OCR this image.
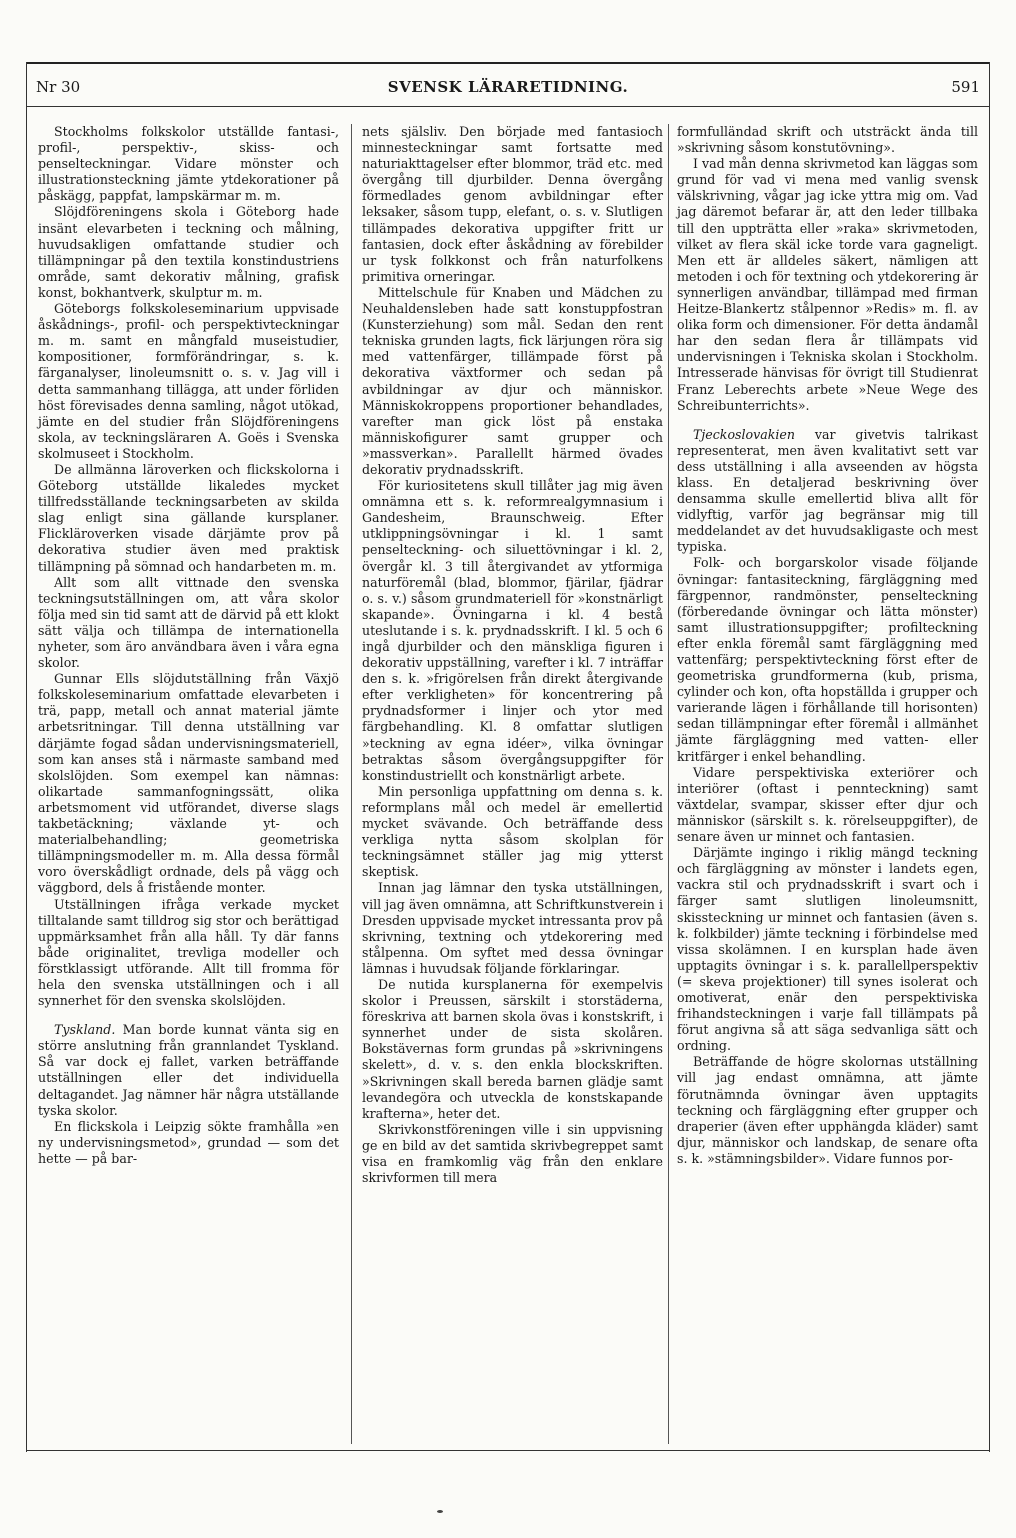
Nr 30	SVENSK LÄRARETIDNING.	591

Stockholms folkskolor utställde fantasi-, profil-, perspektiv-, skiss- och penselteckningar. Vidare mönster och illustrationsteckning jämte ytdekorationer på påskägg, pappfat, lampskärmar m. m.

Slöjdföreningens skola i Göteborg hade insänt elevarbeten i teckning och målning, huvudsakligen omfattande studier och tillämpningar på den textila konstindustriens område, samt dekorativ målning, grafisk konst, bokhantverk, skulptur m. m.

Göteborgs folkskoleseminarium uppvisade åskådnings-, profil- och perspektivteckningar m. m. samt en mångfald museistudier, kompositioner, formförändringar, s. k. färganalyser, linoleumsnitt o. s. v. Jag vill i detta sammanhang tillägga, att under förliden höst förevisades denna samling, något utökad, jämte en del studier från Slöjdföreningens skola, av teckningsläraren A. Goës i Svenska skolmuseet i Stockholm.

De allmänna läroverken och flickskolorna i Göteborg utställde likaledes mycket tillfredsställande teckningsarbeten av skilda slag enligt sina gällande kursplaner. Flickläroverken visade därjämte prov på dekorativa studier även med praktisk tillämpning på sömnad och handarbeten m. m.

Allt som allt vittnade den svenska teckningsutställningen om, att våra skolor följa med sin tid samt att de därvid på ett klokt sätt välja och tillämpa de internationella nyheter, som äro användbara även i våra egna skolor.

Gunnar Ells slöjdutställning från Växjö folkskoleseminarium omfattade elevarbeten i trä, papp, metall och annat material jämte arbetsritningar. Till denna utställning var därjämte fogad sådan undervisningsmateriell, som kan anses stå i närmaste samband med skolslöjden. Som exempel kan nämnas: olikartade sammanfogningssätt, olika arbetsmoment vid utförandet, diverse slags takbetäckning; växlande yt- och materialbehandling; geometriska tillämpningsmodeller m. m. Alla dessa förmål voro överskådligt ordnade, dels på vägg och väggbord, dels å fristående monter.

Utställningen ifråga verkade mycket tilltalande samt tilldrog sig stor och berättigad uppmärksamhet från alla håll. Ty där fanns både originalitet, trevliga modeller och förstklassigt utförande. Allt till fromma för hela den svenska utställningen och i all synnerhet för den svenska skolslöjden.

Tyskland. Man borde kunnat vänta sig en större anslutning från grannlandet Tyskland. Så var dock ej fallet, varken beträffande utställningen eller det individuella deltagandet. Jag nämner här några utställande tyska skolor.

En flickskola i Leipzig sökte framhålla »en ny undervisningsmetod», grundad — som det hette — på bar-

nets själsliv. Den började med fantasioch minnesteckningar samt fortsatte med naturiakttagelser efter blommor, träd etc. med övergång till djurbilder. Denna övergång förmedlades genom avbildningar efter leksaker, såsom tupp, elefant, o. s. v. Slutligen tillämpades dekorativa uppgifter fritt ur fantasien, dock efter åskådning av förebilder ur tysk folkkonst och från naturfolkens primitiva orneringar.

Mittelschule für Knaben und Mädchen zu Neuhaldensleben hade satt konstuppfostran (Kunsterziehung) som mål. Sedan den rent tekniska grunden lagts, fick lärjungen röra sig med vattenfärger, tillämpade först på dekorativa växtformer och sedan på avbildningar av djur och människor. Människokroppens proportioner behandlades, varefter man gick löst på enstaka människofigurer samt grupper och »massverkan». Parallellt härmed övades dekorativ prydnadsskrift.

För kuriositetens skull tillåter jag mig även omnämna ett s. k. reformrealgymnasium i Gandesheim, Braunschweig. Efter utklippningsövningar i kl. 1 samt penselteckning- och siluettövningar i kl. 2, övergår kl. 3 till återgivandet av ytformiga naturföremål (blad, blommor, fjärilar, fjädrar o. s. v.) såsom grundmateriell för »konstnärligt skapande». Övningarna i kl. 4 bestå uteslutande i s. k. prydnadsskrift. I kl. 5 och 6 ingå djurbilder och den mänskliga figuren i dekorativ uppställning, varefter i kl. 7 inträffar den s. k. »frigörelsen från direkt återgivande efter verkligheten» för koncentrering på prydnadsformer i linjer och ytor med färgbehandling. Kl. 8 omfattar slutligen »teckning av egna idéer», vilka övningar betraktas såsom övergångsuppgifter för konstindustriellt och konstnärligt arbete.

Min personliga uppfattning om denna s. k. reformplans mål och medel är emellertid mycket svävande. Och beträffande dess verkliga nytta såsom skolplan för teckningsämnet ställer jag mig ytterst skeptisk.

Innan jag lämnar den tyska utställningen, vill jag även omnämna, att Schriftkunstverein i Dresden uppvisade mycket intressanta prov på skrivning, textning och ytdekorering med stålpenna. Om syftet med dessa övningar lämnas i huvudsak följande förklaringar.

De nutida kursplanerna för exempelvis skolor i Preussen, särskilt i storstäderna, föreskriva att barnen skola övas i konstskrift, i synnerhet under de sista skolåren. Bokstävernas form grundas på »skrivningens skelett», d. v. s. den enkla blockskriften. »Skrivningen skall bereda barnen glädje samt levandegöra och utveckla de konstskapande krafterna», heter det.

Skrivkonstföreningen ville i sin uppvisning ge en bild av det samtida skrivbegreppet samt visa en framkomlig väg från den enklare skrivformen till mera

formfulländad skrift och utsträckt ända till »skrivning såsom konstutövning».

I vad mån denna skrivmetod kan läggas som grund för vad vi mena med vanlig svensk välskrivning, vågar jag icke yttra mig om. Vad jag däremot befarar är, att den leder tillbaka till den uppträtta eller »raka» skrivmetoden, vilket av flera skäl icke torde vara gagneligt. Men ett är alldeles säkert, nämligen att metoden i och för textning och ytdekorering är synnerligen användbar, tillämpad med firman Heitze-Blankertz stålpennor »Redis» m. fl. av olika form och dimensioner. För detta ändamål har den sedan flera år tillämpats vid undervisningen i Tekniska skolan i Stockholm. Intresserade hänvisas för övrigt till Studienrat Franz Leberechts arbete »Neue Wege des Schreibunterrichts».

Tjeckoslovakien var givetvis talrikast representerat, men även kvalitativt sett var dess utställning i alla avseenden av högsta klass. En detaljerad beskrivning över densamma skulle emellertid bliva allt för vidlyftig, varför jag begränsar mig till meddelandet av det huvudsakligaste och mest typiska.

Folk- och borgarskolor visade följande övningar: fantasiteckning, färgläggning med färgpennor, randmönster, penselteckning (förberedande övningar och lätta mönster) samt illustrationsuppgifter; profilteckning efter enkla föremål samt färgläggning med vattenfärg; perspektivteckning först efter de geometriska grundformerna (kub, prisma, cylinder och kon, ofta hopställda i grupper och varierande lägen i förhållande till horisonten) sedan tillämpningar efter föremål i allmänhet jämte färgläggning med vatten- eller kritfärger i enkel behandling.

Vidare perspektiviska exteriörer och interiörer (oftast i pennteckning) samt växtdelar, svampar, skisser efter djur och människor (särskilt s. k. rörelseuppgifter), de senare även ur minnet och fantasien.

Därjämte ingingo i riklig mängd teckning och färgläggning av mönster i landets egen, vackra stil och prydnadsskrift i svart och i färger samt slutligen linoleumsnitt, skissteckning ur minnet och fantasien (även s. k. folkbilder) jämte teckning i förbindelse med vissa skolämnen. I en kursplan hade även upptagits övningar i s. k. parallellperspektiv (= skeva projektioner) till synes isolerat och omotiverat, enär den perspektiviska frihandsteckningen i varje fall tillämpats på förut angivna så att säga sedvanliga sätt och ordning.

Beträffande de högre skolornas utställning vill jag endast omnämna, att jämte förutnämnda övningar även upptagits teckning och färgläggning efter grupper och draperier (även efter upphängda kläder) samt djur, människor och landskap, de senare ofta s. k. »stämningsbilder». Vidare funnos por-
